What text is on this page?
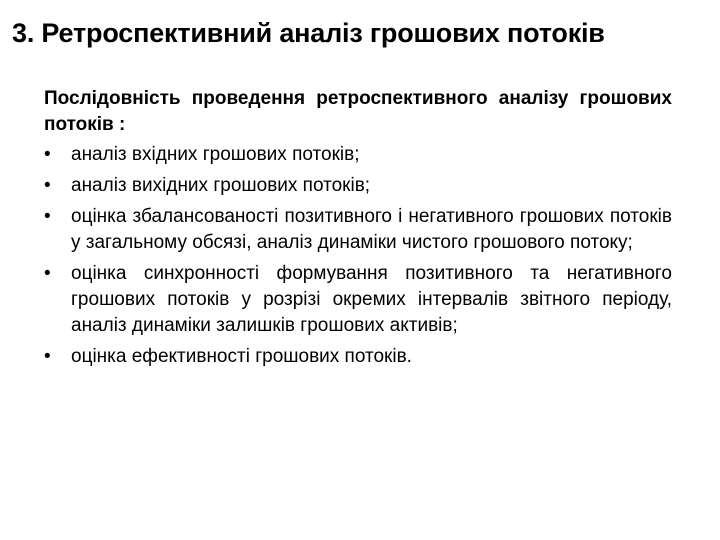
3. Ретроспективний аналіз грошових потоків

Послідовність проведення ретроспективного аналізу грошових потоків :

•	аналіз вхідних грошових потоків;
•	аналіз вихідних грошових потоків;
•	оцінка збалансованості позитивного і негативного грошових потоків у загальному обсязі, аналіз динаміки чистого грошового потоку;
•	оцінка синхронності формування позитивного та негативного грошових потоків у розрізі окремих інтервалів звітного періоду, аналіз динаміки залишків грошових активів;
•	оцінка ефективності грошових потоків.
